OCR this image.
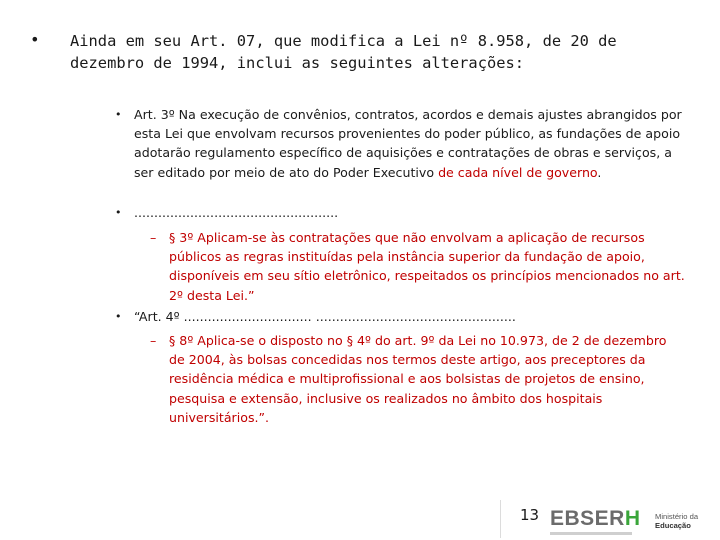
• Ainda em seu Art. 07, que modifica a Lei nº 8.958, de 20 de dezembro de 1994, inclui as seguintes alterações:
• Art. 3º Na execução de convênios, contratos, acordos e demais ajustes abrangidos por esta Lei que envolvam recursos provenientes do poder público, as fundações de apoio adotarão regulamento específico de aquisições e contratações de obras e serviços, a ser editado por meio de ato do Poder Executivo de cada nível de governo.
• ...................................................
– § 3º Aplicam-se às contratações que não envolvam a aplicação de recursos públicos as regras instituídas pela instância superior da fundação de apoio, disponíveis em seu sítio eletrônico, respeitados os princípios mencionados no art. 2º desta Lei.”
• “Art. 4º ................................ ..................................................
– § 8º Aplica-se o disposto no § 4º do art. 9º da Lei no 10.973, de 2 de dezembro de 2004, às bolsas concedidas nos termos deste artigo, aos preceptores da residência médica e multiprofissional e aos bolsistas de projetos de ensino, pesquisa e extensão, inclusive os realizados no âmbito dos hospitais universitários.”.
13 EBSERH Ministério da
Educação
